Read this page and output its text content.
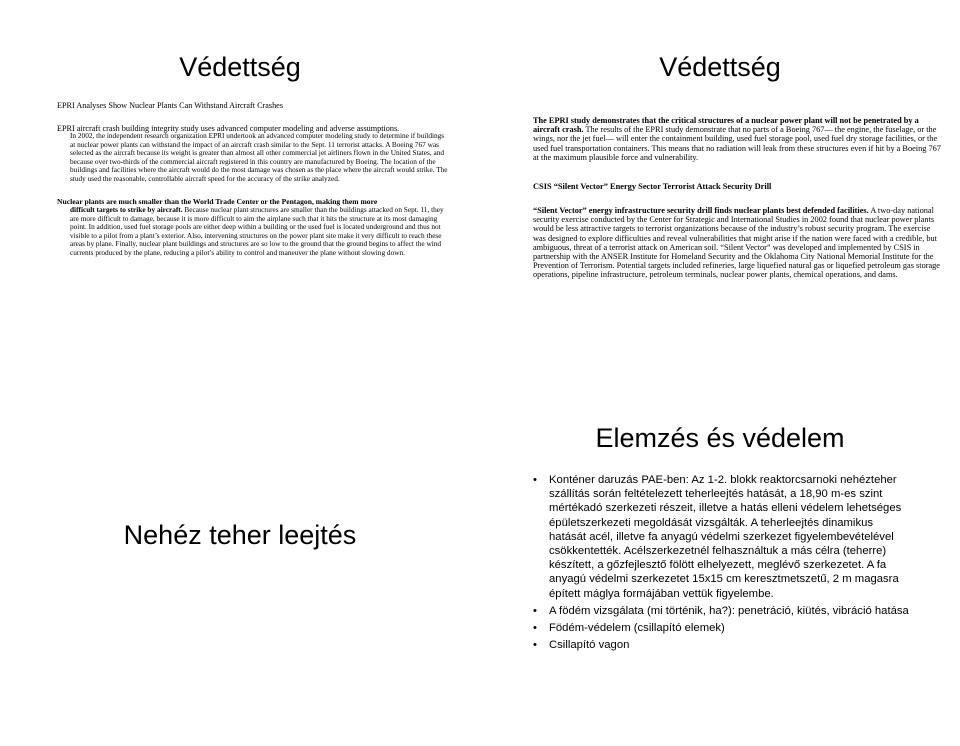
Védettség
EPRI Analyses Show Nuclear Plants Can Withstand Aircraft Crashes
EPRI aircraft crash building integrity study uses advanced computer modeling and adverse assumptions.
In 2002, the independent research organization EPRI undertook an advanced computer modeling study to determine if buildings at nuclear power plants can withstand the impact of an aircraft crash similar to the Sept. 11 terrorist attacks. A Boeing 767 was selected as the aircraft because its weight is greater than almost all other commercial jet airliners flown in the United States, and because over two-thirds of the commercial aircraft registered in this country are manufactured by Boeing. The location of the buildings and facilities where the aircraft would do the most damage was chosen as the place where the aircraft would strike. The study used the reasonable, controllable aircraft speed for the accuracy of the strike analyzed.
Nuclear plants are much smaller than the World Trade Center or the Pentagon, making them more
difficult targets to strike by aircraft. Because nuclear plant structures are smaller than the buildings attacked on Sept. 11, they are more difficult to damage, because it is more difficult to aim the airplane such that it hits the structure at its most damaging point. In addition, used fuel storage pools are either deep within a building or the used fuel is located underground and thus not visible to a pilot from a plant’s exterior. Also, intervening structures on the power plant site make it very difficult to reach these areas by plane. Finally, nuclear plant buildings and structures are so low to the ground that the ground begins to affect the wind currents produced by the plane, reducing a pilot’s ability to control and maneuver the plane without slowing down.
Védettség
The EPRI study demonstrates that the critical structures of a nuclear power plant will not be penetrated by a aircraft crash. The results of the EPRI study demonstrate that no parts of a Boeing 767— the engine, the fuselage, or the wings, nor the jet fuel— will enter the containment building, used fuel storage pool, used fuel dry storage facilities, or the used fuel transportation containers. This means that no radiation will leak from these structures even if hit by a Boeing 767 at the maximum plausible force and vulnerability.
CSIS “Silent Vector” Energy Sector Terrorist Attack Security Drill
“Silent Vector” energy infrastructure security drill finds nuclear plants best defended facilities. A two-day national security exercise conducted by the Center for Strategic and International Studies in 2002 found that nuclear power plants would be less attractive targets to terrorist organizations because of the industry’s robust security program. The exercise was designed to explore difficulties and reveal vulnerabilities that might arise if the nation were faced with a credible, but ambiguous, threat of a terrorist attack on American soil. “Silent Vector” was developed and implemented by CSIS in partnership with the ANSER Institute for Homeland Security and the Oklahoma City National Memorial Institute for the Prevention of Terrorism. Potential targets included refineries, large liquefied natural gas or liquefied petroleum gas storage operations, pipeline infrastructure, petroleum terminals, nuclear power plants, chemical operations, and dams.
Nehéz teher leejtés
Elemzés és védelem
• Konténer daruzás PAE-ben: Az 1-2. blokk reaktorcsarnoki nehézteher szállítás során feltételezett teherleejtés hatását, a 18,90 m-es szint mértékadó szerkezeti részeit, illetve a hatás elleni védelem lehetséges épületszerkezeti megoldását vizsgálták. A teherleejtés dinamikus hatását acél, illetve fa anyagú védelmi szerkezet figyelembevételével csökkentették. Acélszerkezetnél felhasználtuk a más célra (teherre) készített, a gőzfejlesztő fölött elhelyezett, meglévő szerkezetet. A fa anyagú védelmi szerkezetet 15x15 cm keresztmetszetű, 2 m magasra épített máglya formájában vettük figyelembe.
• A födém vizsgálata (mi történik, ha?): penetráció, kiütés, vibráció hatása
• Födém-védelem (csillapító elemek)
• Csillapító vagon
